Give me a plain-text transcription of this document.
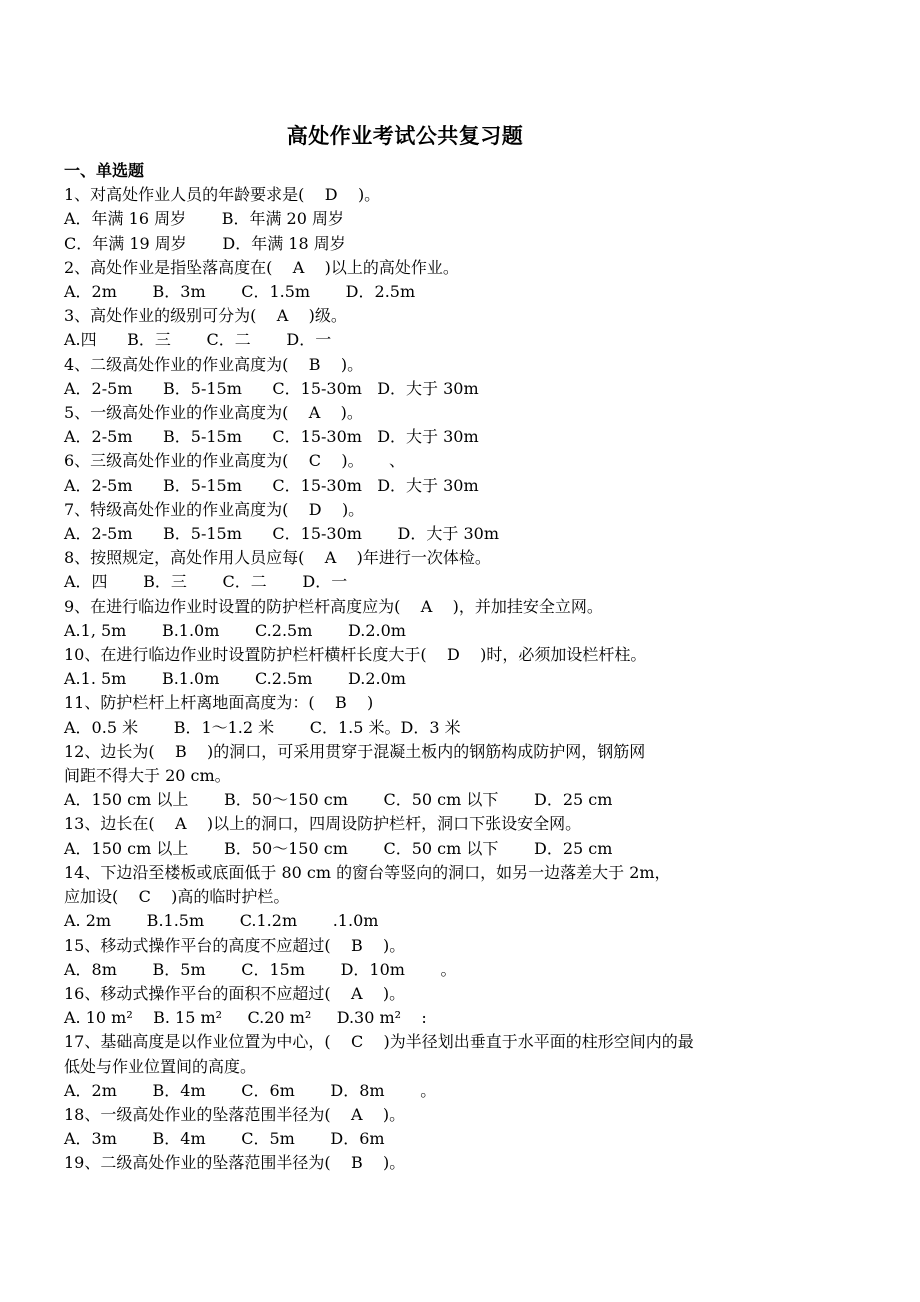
高处作业考试公共复习题
一、单选题
1、对高处作业人员的年龄要求是(    D    )。
A．年满 16 周岁       B．年满 20 周岁
C．年满 19 周岁       D．年满 18 周岁
2、高处作业是指坠落高度在(    A    )以上的高处作业。
A．2m       B．3m       C．1.5m       D．2.5m
3、高处作业的级别可分为(    A    )级。
A.四      B．三       C．二       D．一
4、二级高处作业的作业高度为(    B    )。
A．2-5m      B．5-15m      C．15-30m   D．大于 30m
5、一级高处作业的作业高度为(    A    )。
A．2-5m      B．5-15m      C．15-30m   D．大于 30m
6、三级高处作业的作业高度为(    C    )。     、
A．2-5m      B．5-15m      C．15-30m   D．大于 30m
7、特级高处作业的作业高度为(    D    )。
A．2-5m      B．5-15m      C．15-30m       D．大于 30m
8、按照规定，高处作用人员应每(    A    )年进行一次体检。
A．四       B．三       C．二       D．一
9、在进行临边作业时设置的防护栏杆高度应为(    A    )，并加挂安全立网。
A.1, 5m       B.1.0m       C.2.5m       D.2.0m
10、在进行临边作业时设置防护栏杆横杆长度大于(    D    )时，必须加设栏杆柱。
A.1. 5m       B.1.0m       C.2.5m       D.2.0m
11、防护栏杆上杆离地面高度为：(    B    )
A．0.5 米       B．1～1.2 米       C．1.5 米。D．3 米
12、边长为(    B    )的洞口，可采用贯穿于混凝土板内的钢筋构成防护网，钢筋网
间距不得大于 20 cm。
A．150 cm 以上       B．50～150 cm       C．50 cm 以下       D．25 cm
13、边长在(    A    )以上的洞口，四周设防护栏杆，洞口下张设安全网。
A．150 cm 以上       B．50～150 cm       C．50 cm 以下       D．25 cm
14、下边沿至楼板或底面低于 80 cm 的窗台等竖向的洞口，如另一边落差大于 2m，
应加设(    C    )高的临时护栏。
A. 2m       B.1.5m       C.1.2m       .1.0m
15、移动式操作平台的高度不应超过(    B    )。
A．8m       B．5m       C．15m       D．10m       。
16、移动式操作平台的面积不应超过(    A    )。
A. 10 m²    B. 15 m²     C.20 m²     D.30 m²    :
17、基础高度是以作业位置为中心，(    C    )为半径划出垂直于水平面的柱形空间内的最
低处与作业位置间的高度。
A．2m       B．4m       C．6m       D．8m       。
18、一级高处作业的坠落范围半径为(    A    )。
A．3m       B．4m       C．5m       D．6m
19、二级高处作业的坠落范围半径为(    B    )。
